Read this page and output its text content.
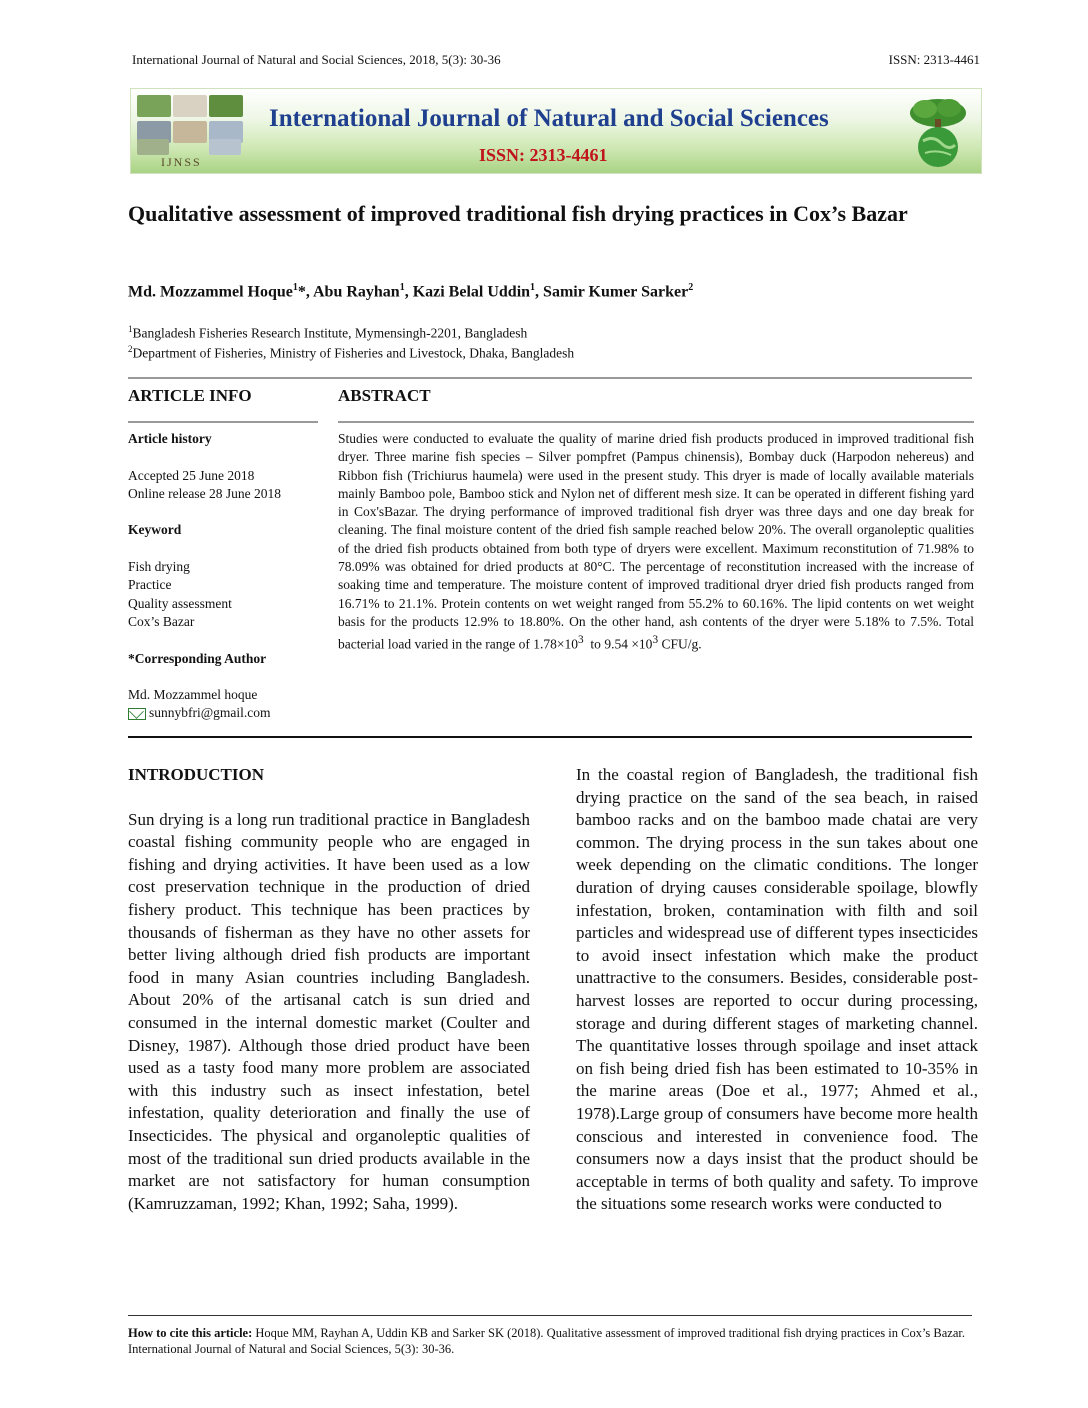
International Journal of Natural and Social Sciences, 2018, 5(3): 30-36	ISSN: 2313-4461
IJNSS
International Journal of Natural and Social Sciences
ISSN: 2313-4461
Qualitative assessment of improved traditional fish drying practices in Cox’s Bazar
Md. Mozzammel Hoque$^1$*, Abu Rayhan$^1$, Kazi Belal Uddin$^1$, Samir Kumer Sarker$^2$
$^1$Bangladesh Fisheries Research Institute, Mymensingh-2201, Bangladesh
$^2$Department of Fisheries, Ministry of Fisheries and Livestock, Dhaka, Bangladesh
ARTICLE INFO	ABSTRACT
Article history
Accepted 25 June 2018
Online release 28 June 2018
Keyword
Fish drying
Practice
Quality assessment
Cox’s Bazar
*Corresponding Author
Md. Mozzammel hoque
sunnybfri@gmail.com
Studies were conducted to evaluate the quality of marine dried fish products produced in improved traditional fish dryer. Three marine fish species – Silver pompfret (Pampus chinensis), Bombay duck (Harpodon nehereus) and Ribbon fish (Trichiurus haumela) were used in the present study. This dryer is made of locally available materials mainly Bamboo pole, Bamboo stick and Nylon net of different mesh size. It can be operated in different fishing yard in Cox'sBazar. The drying performance of improved traditional fish dryer was three days and one day break for cleaning. The final moisture content of the dried fish sample reached below 20%. The overall organoleptic qualities of the dried fish products obtained from both type of dryers were excellent. Maximum reconstitution of 71.98% to 78.09% was obtained for dried products at 80°C. The percentage of reconstitution increased with the increase of soaking time and temperature. The moisture content of improved traditional dryer dried fish products ranged from 16.71% to 21.1%. Protein contents on wet weight ranged from 55.2% to 60.16%. The lipid contents on wet weight basis for the products 12.9% to 18.80%. On the other hand, ash contents of the dryer were 5.18% to 7.5%. Total bacterial load varied in the range of $1.78\times 10^3$  to $9.54 \times 10^3$ CFU/g.
INTRODUCTION
Sun drying is a long run traditional practice in Bangladesh coastal fishing community people who are engaged in fishing and drying activities. It have been used as a low cost preservation technique in the production of dried fishery product. This technique has been practices by thousands of fisherman as they have no other assets for better living although dried fish products are important food in many Asian countries including Bangladesh. About 20% of the artisanal catch is sun dried and consumed in the internal domestic market (Coulter and Disney, 1987). Although those dried product have been used as a tasty food many more problem are associated with this industry such as insect infestation, betel infestation, quality deterioration and finally the use of Insecticides. The physical and organoleptic qualities of most of the traditional sun dried products available in the market are not satisfactory for human consumption (Kamruzzaman, 1992; Khan, 1992; Saha, 1999).
In the coastal region of Bangladesh, the traditional fish drying practice on the sand of the sea beach, in raised bamboo racks and on the bamboo made chatai are very common. The drying process in the sun takes about one week depending on the climatic conditions. The longer duration of drying causes considerable spoilage, blowfly infestation, broken, contamination with filth and soil particles and widespread use of different types insecticides to avoid insect infestation which make the product unattractive to the consumers. Besides, considerable post-harvest losses are reported to occur during processing, storage and during different stages of marketing channel. The quantitative losses through spoilage and inset attack on fish being dried fish has been estimated to 10-35% in the marine areas (Doe et al., 1977; Ahmed et al., 1978).Large group of consumers have become more health conscious and interested in convenience food. The consumers now a days insist that the product should be acceptable in terms of both quality and safety. To improve the situations some research works were conducted to
How to cite this article: Hoque MM, Rayhan A, Uddin KB and Sarker SK (2018). Qualitative assessment of improved traditional fish drying practices in Cox’s Bazar. International Journal of Natural and Social Sciences, 5(3): 30-36.
